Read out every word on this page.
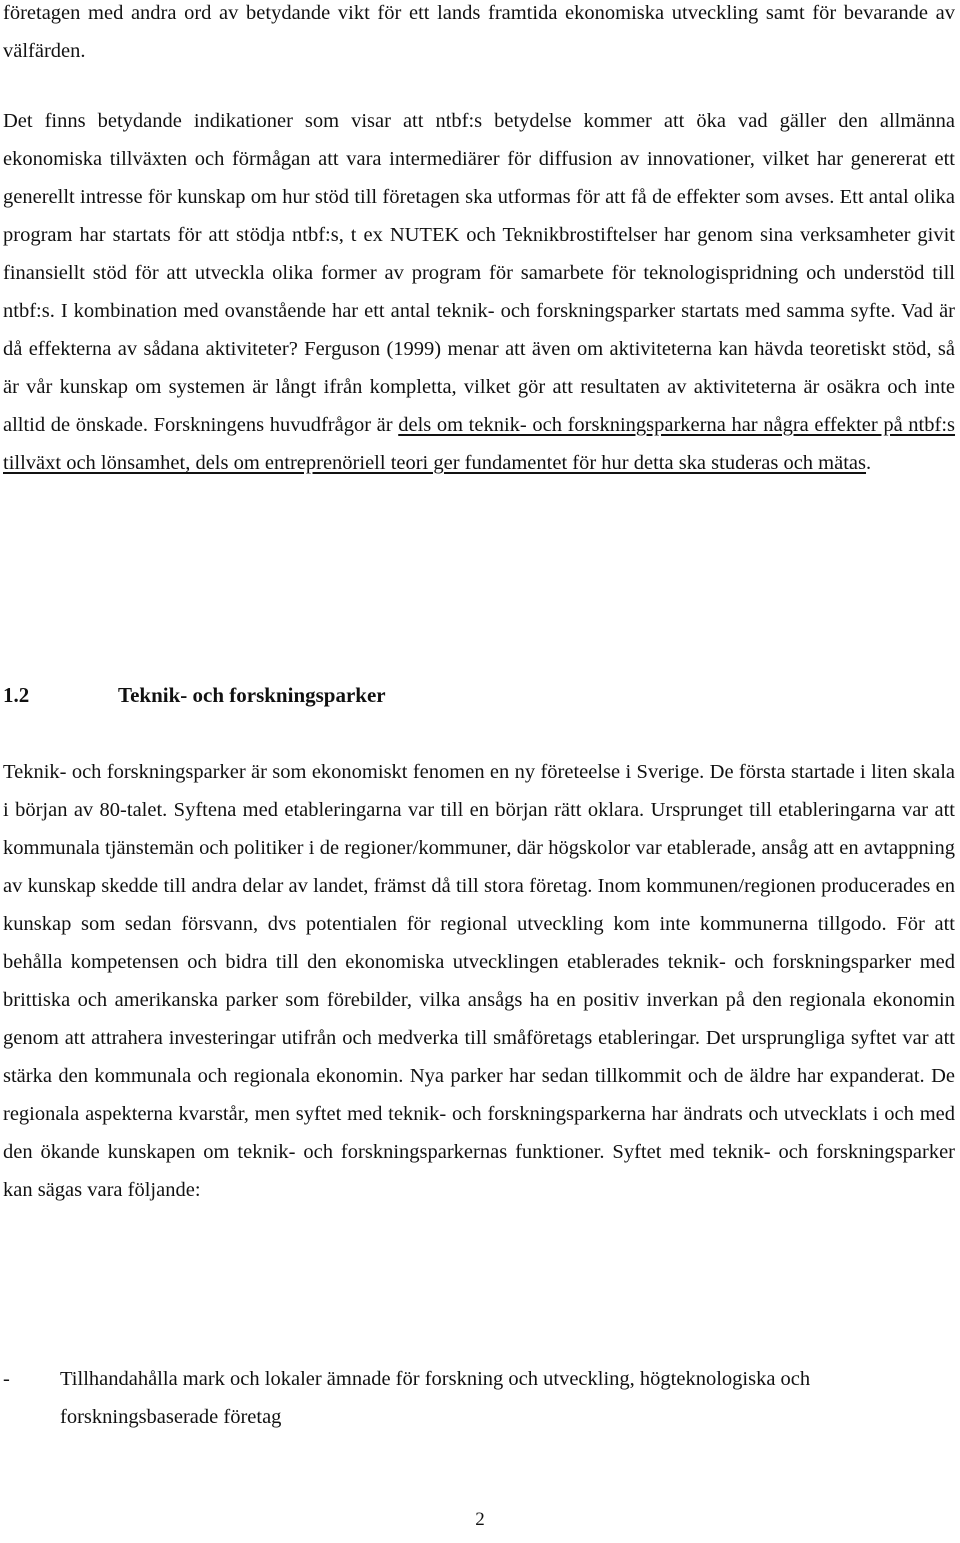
företagen med andra ord av betydande vikt för ett lands framtida ekonomiska utveckling samt för bevarande av välfärden.

Det finns betydande indikationer som visar att ntbf:s betydelse kommer att öka vad gäller den allmänna ekonomiska tillväxten och förmågan att vara intermediärer för diffusion av innovationer, vilket har genererat ett generellt intresse för kunskap om hur stöd till företagen ska utformas för att få de effekter som avses. Ett antal olika program har startats för att stödja ntbf:s, t ex NUTEK och Teknikbrostiftelser har genom sina verksamheter givit finansiellt stöd för att utveckla olika former av program för samarbete för teknologispridning och understöd till ntbf:s. I kombination med ovanstående har ett antal teknik- och forskningsparker startats med samma syfte. Vad är då effekterna av sådana aktiviteter? Ferguson (1999) menar att även om aktiviteterna kan hävda teoretiskt stöd, så är vår kunskap om systemen är långt ifrån kompletta, vilket gör att resultaten av aktiviteterna är osäkra och inte alltid de önskade. Forskningens huvudfrågor är dels om teknik- och forskningsparkerna har några effekter på ntbf:s tillväxt och lönsamhet, dels om entreprenöriell teori ger fundamentet för hur detta ska studeras och mätas.

1.2	Teknik- och forskningsparker

Teknik- och forskningsparker är som ekonomiskt fenomen en ny företeelse i Sverige. De första startade i liten skala i början av 80-talet. Syftena med etableringarna var till en början rätt oklara. Ursprunget till etableringarna var att kommunala tjänstemän och politiker i de regioner/kommuner, där högskolor var etablerade, ansåg att en avtappning av kunskap skedde till andra delar av landet, främst då till stora företag. Inom kommunen/regionen producerades en kunskap som sedan försvann, dvs potentialen för regional utveckling kom inte kommunerna tillgodo. För att behålla kompetensen och bidra till den ekonomiska utvecklingen etablerades teknik- och forskningsparker med brittiska och amerikanska parker som förebilder, vilka ansågs ha en positiv inverkan på den regionala ekonomin genom att attrahera investeringar utifrån och medverka till småföretags etableringar. Det ursprungliga syftet var att stärka den kommunala och regionala ekonomin. Nya parker har sedan tillkommit och de äldre har expanderat. De regionala aspekterna kvarstår, men syftet med teknik- och forskningsparkerna har ändrats och utvecklats i och med den ökande kunskapen om teknik- och forskningsparkernas funktioner. Syftet med teknik- och forskningsparker kan sägas vara följande:

- Tillhandahålla mark och lokaler ämnade för forskning och utveckling, högteknologiska och forskningsbaserade företag
2
